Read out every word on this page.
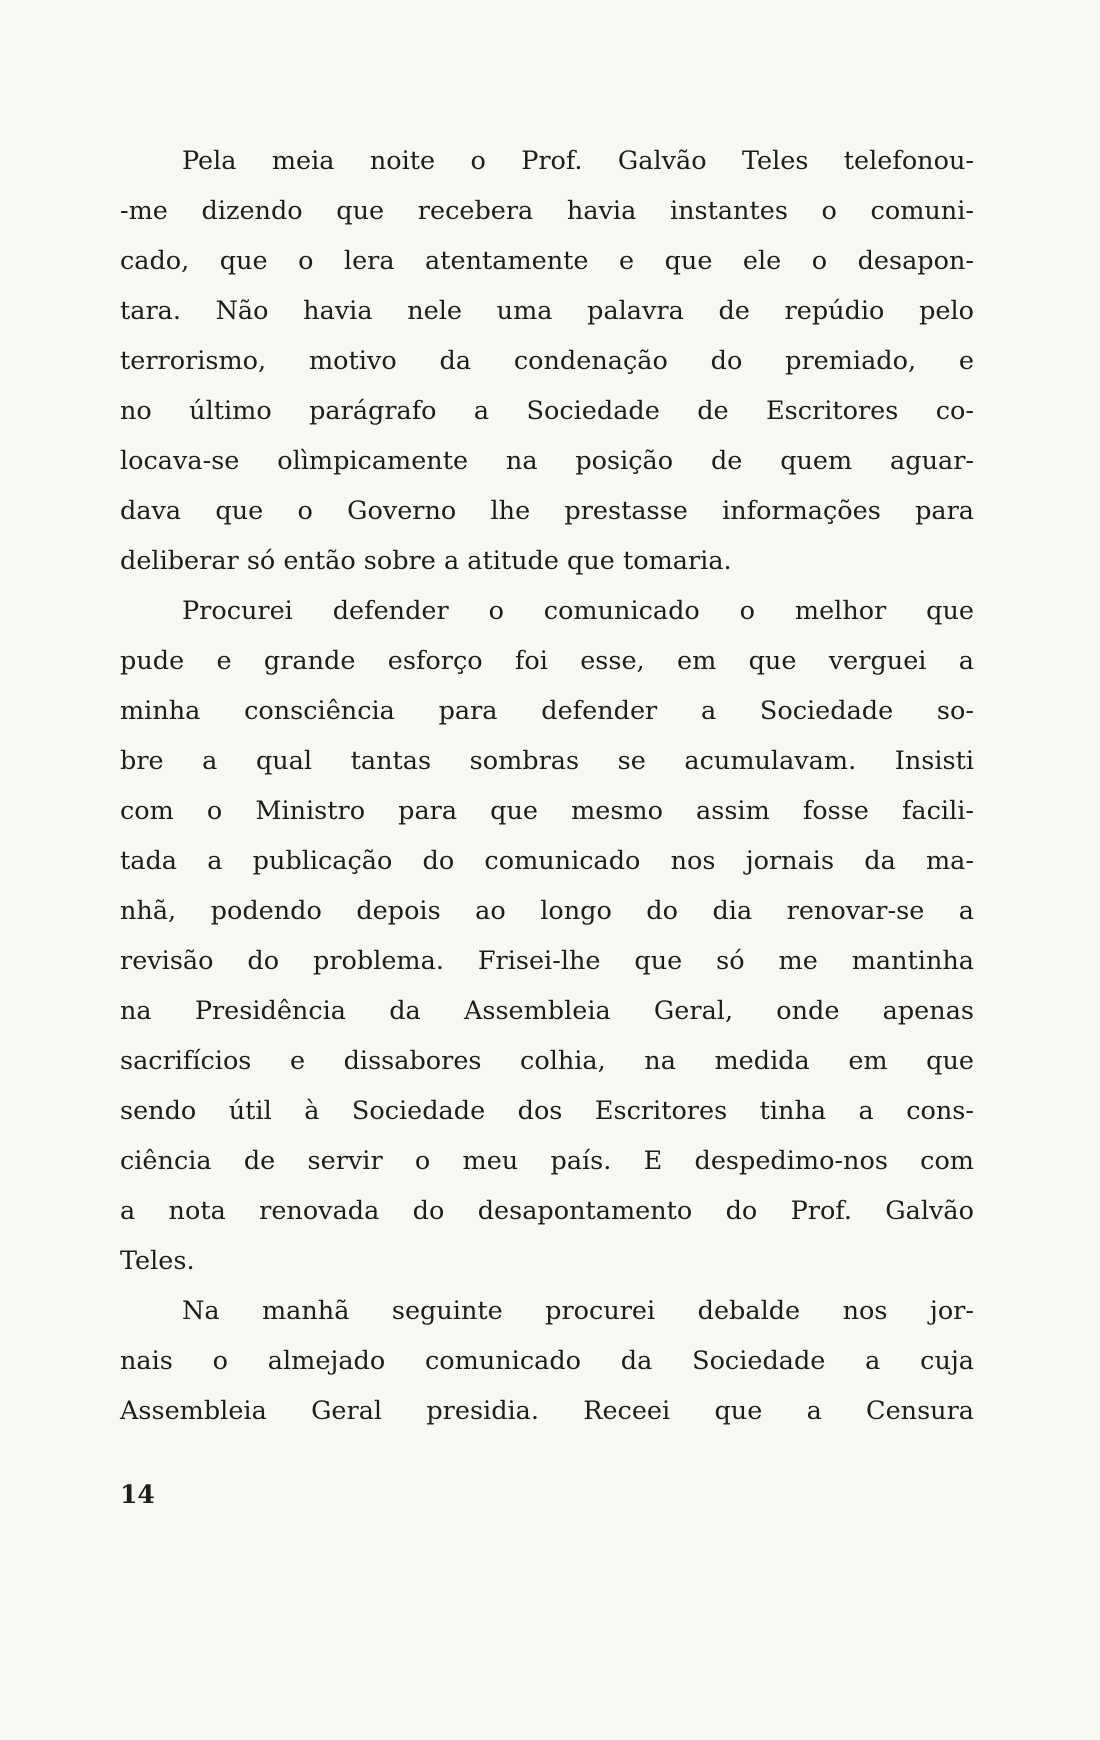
Pela meia noite o Prof. Galvão Teles telefonou-
-me dizendo que recebera havia instantes o comuni-
cado, que o lera atentamente e que ele o desapon-
tara. Não havia nele uma palavra de repúdio pelo
terrorismo, motivo da condenação do premiado, e
no último parágrafo a Sociedade de Escritores co-
locava-se olìmpicamente na posição de quem aguar-
dava que o Governo lhe prestasse informações para
deliberar só então sobre a atitude que tomaria.
Procurei defender o comunicado o melhor que
pude e grande esforço foi esse, em que verguei a
minha consciência para defender a Sociedade so-
bre a qual tantas sombras se acumulavam. Insisti
com o Ministro para que mesmo assim fosse facili-
tada a publicação do comunicado nos jornais da ma-
nhã, podendo depois ao longo do dia renovar-se a
revisão do problema. Frisei-lhe que só me mantinha
na Presidência da Assembleia Geral, onde apenas
sacrifícios e dissabores colhia, na medida em que
sendo útil à Sociedade dos Escritores tinha a cons-
ciência de servir o meu país. E despedimo-nos com
a nota renovada do desapontamento do Prof. Galvão
Teles.
Na manhã seguinte procurei debalde nos jor-
nais o almejado comunicado da Sociedade a cuja
Assembleia Geral presidia. Receei que a Censura
14
